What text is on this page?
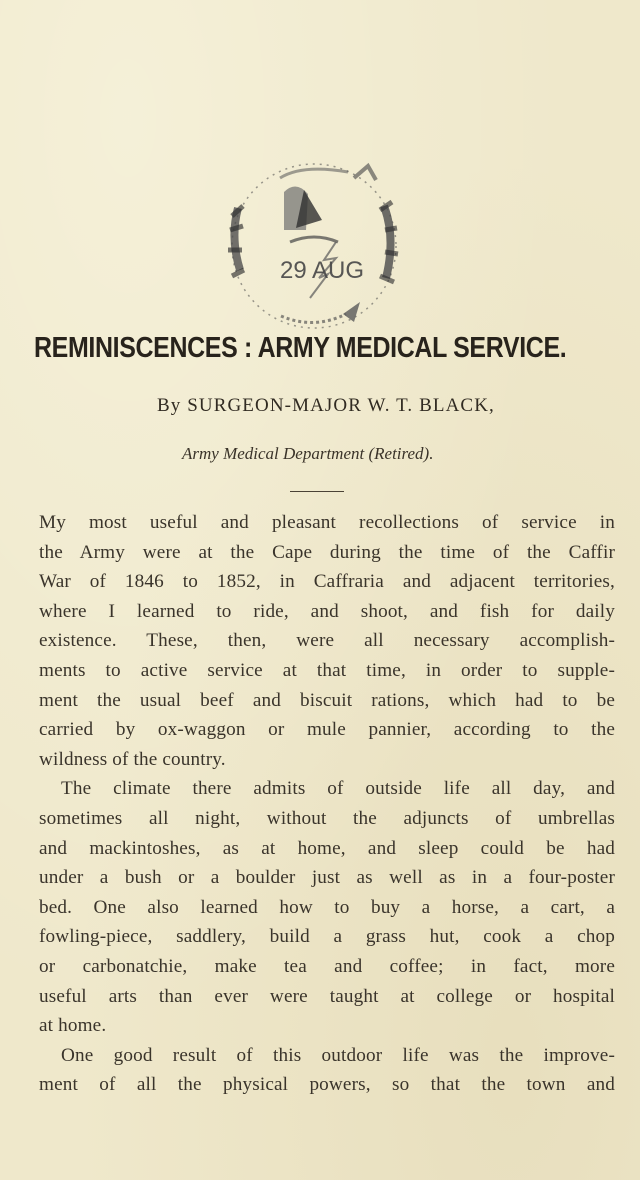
29 AUG
REMINISCENCES : ARMY MEDICAL SERVICE.
By SURGEON-MAJOR W. T. BLACK,
Army Medical Department (Retired).
My most useful and pleasant recollections of service in
the Army were at the Cape during the time of the Caffir
War of 1846 to 1852, in Caffraria and adjacent territories,
where I learned to ride, and shoot, and fish for daily
existence. These, then, were all necessary accomplish-
ments to active service at that time, in order to supple-
ment the usual beef and biscuit rations, which had to be
carried by ox-waggon or mule pannier, according to the
wildness of the country.
The climate there admits of outside life all day, and
sometimes all night, without the adjuncts of umbrellas
and mackintoshes, as at home, and sleep could be had
under a bush or a boulder just as well as in a four-poster
bed. One also learned how to buy a horse, a cart, a
fowling-piece, saddlery, build a grass hut, cook a chop
or carbonatchie, make tea and coffee; in fact, more
useful arts than ever were taught at college or hospital
at home.
One good result of this outdoor life was the improve-
ment of all the physical powers, so that the town and
